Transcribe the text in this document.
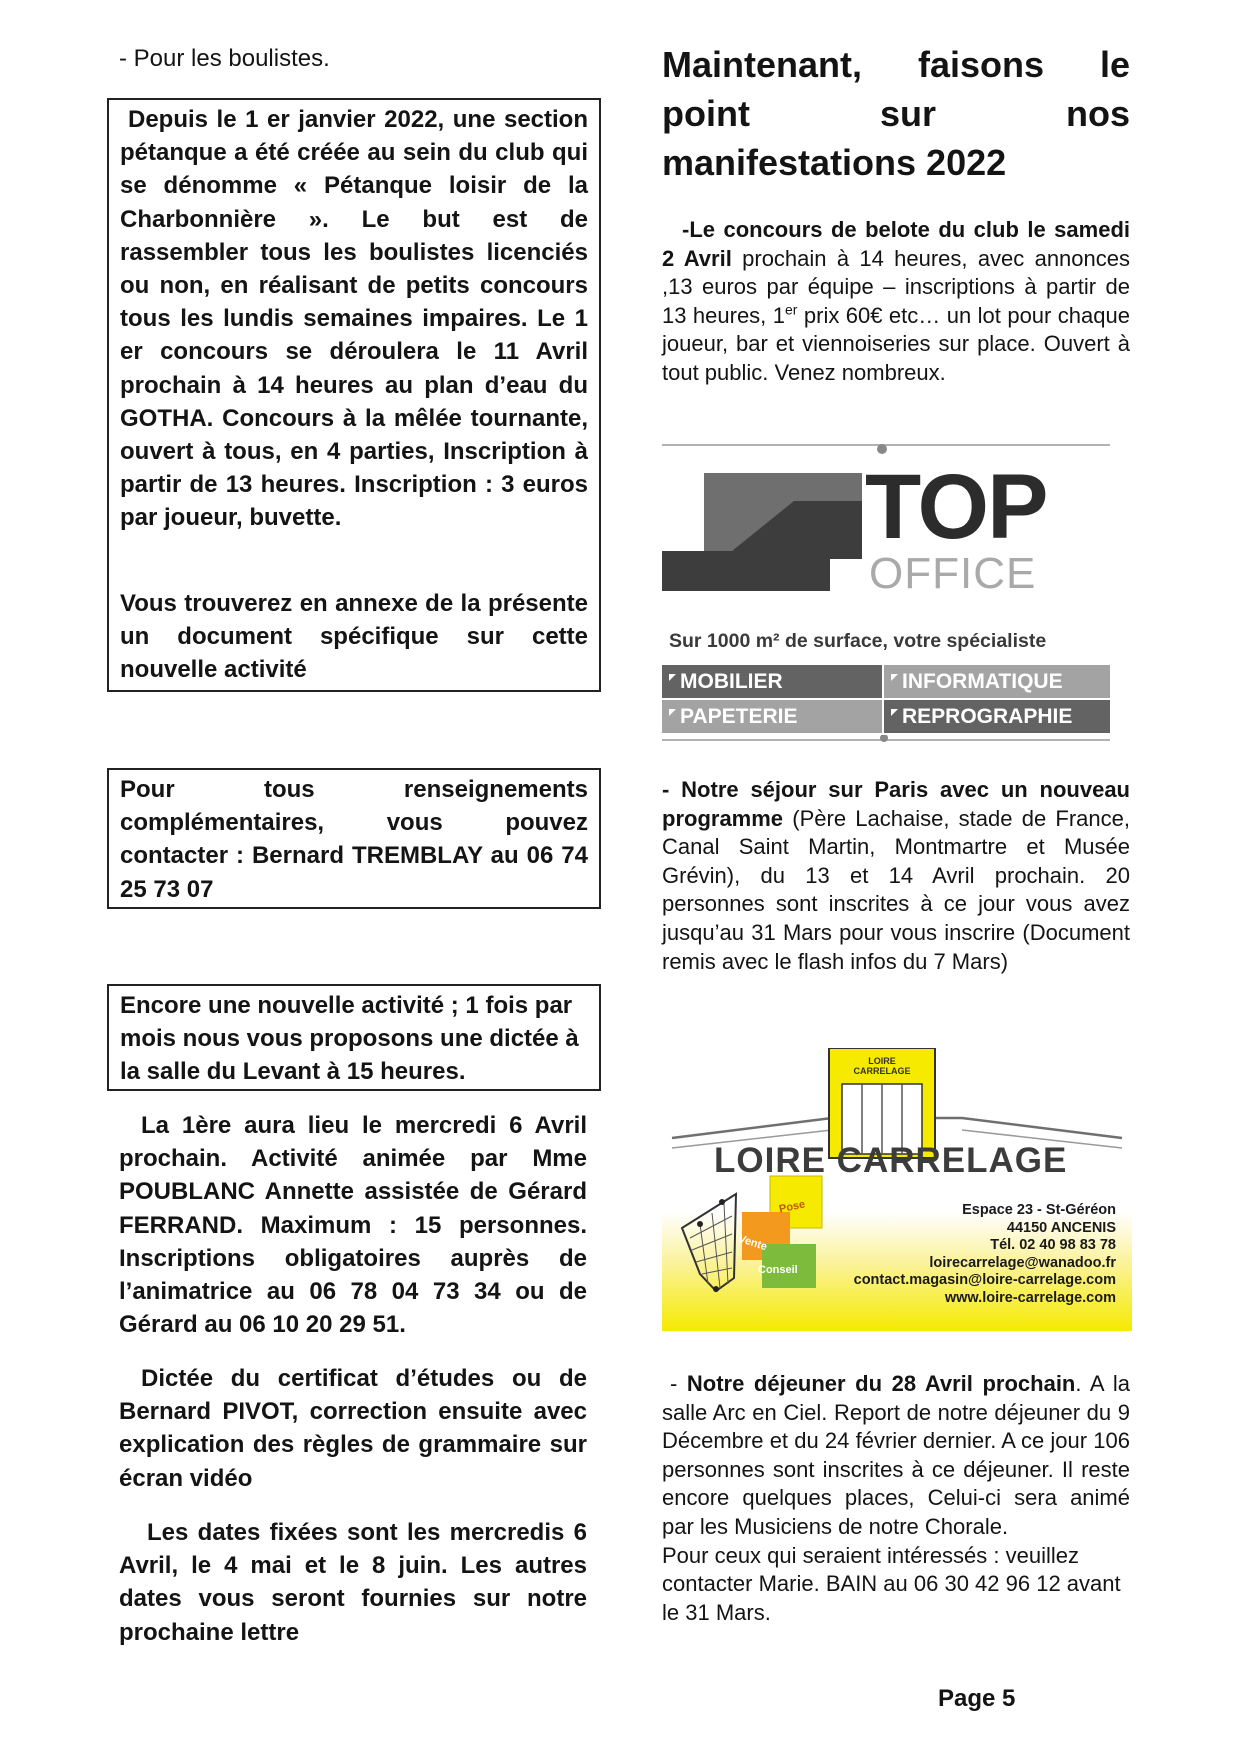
- Pour les boulistes.

Depuis le 1 er janvier 2022, une section pétanque a été créée au sein du club qui se dénomme « Pétanque loisir de la Charbonnière ». Le but est de rassembler tous les boulistes licenciés ou non, en réalisant de petits concours tous les lundis semaines impaires. Le 1 er concours se déroulera le 11 Avril prochain à 14 heures au plan d’eau du GOTHA. Concours à la mêlée tournante, ouvert à tous, en 4 parties, Inscription à partir de 13 heures. Inscription : 3 euros par joueur, buvette.

Vous trouverez en annexe de la présente un document spécifique sur cette nouvelle activité

Pour tous renseignements complémentaires, vous pouvez contacter : Bernard TREMBLAY au 06 74 25 73 07

Encore une nouvelle activité ; 1 fois par mois nous vous proposons une dictée à la salle du Levant à 15 heures.

La 1ère aura lieu le mercredi 6 Avril prochain. Activité animée par Mme POUBLANC Annette assistée de Gérard FERRAND. Maximum : 15 personnes. Inscriptions obligatoires auprès de l’animatrice au 06 78 04 73 34 ou de Gérard au 06 10 20 29 51.

Dictée du certificat d’études ou de Bernard PIVOT, correction ensuite avec explication des règles de grammaire sur écran vidéo

Les dates fixées sont les mercredis 6 Avril, le 4 mai et le 8 juin. Les autres dates vous seront fournies sur notre prochaine lettre

Maintenant, faisons le point sur nos manifestations 2022

-Le concours de belote du club le samedi 2 Avril prochain à 14 heures, avec annonces ,13 euros par équipe – inscriptions à partir de 13 heures, 1er prix 60€ etc… un lot pour chaque joueur, bar et viennoiseries sur place. Ouvert à tout public. Venez nombreux.

TOP
OFFICE
Sur 1000 m² de surface, votre spécialiste
MOBILIER	INFORMATIQUE
PAPETERIE	REPROGRAPHIE

- Notre séjour sur Paris avec un nouveau programme (Père Lachaise, stade de France, Canal Saint Martin, Montmartre et Musée Grévin), du 13 et 14 Avril prochain. 20 personnes sont inscrites à ce jour vous avez jusqu’au 31 Mars pour vous inscrire (Document remis avec le flash infos du 7 Mars)

LOIRE CARRELAGE
LOIRE CARRELAGE
Pose
Vente
Conseil
Espace 23 - St-Géréon
44150 ANCENIS
Tél. 02 40 98 83 78
loirecarrelage@wanadoo.fr
contact.magasin@loire-carrelage.com
www.loire-carrelage.com

- Notre déjeuner du 28 Avril prochain. A la salle Arc en Ciel. Report de notre déjeuner du 9 Décembre et du 24 février dernier. A ce jour 106 personnes sont inscrites à ce déjeuner. Il reste encore quelques places, Celui-ci sera animé par les Musiciens de notre Chorale.

Pour ceux qui seraient intéressés : veuillez contacter Marie. BAIN au 06 30 42 96 12 avant le 31 Mars.

Page 5
